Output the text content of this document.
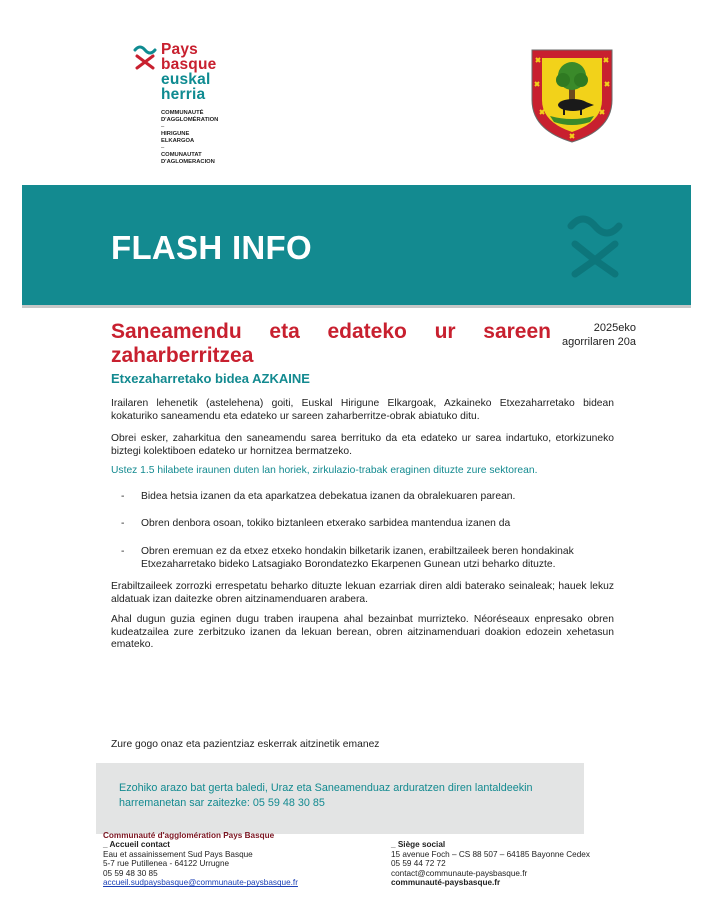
Pays
basque
euskal
herria
COMMUNAUTÉ
D'AGGLOMÉRATION
–
HIRIGUNE
ELKARGOA
–
COMUNAUTAT
D'AGLOMERACION
FLASH INFO
Saneamendu eta edateko ur sareen
zaharberritzea
Etxezaharretako bidea AZKAINE
2025eko
agorrilaren 20a
Irailaren lehenetik (astelehena) goiti, Euskal Hirigune Elkargoak, Azkaineko Etxezaharretako bidean kokaturiko saneamendu eta edateko ur sareen zaharberritze-obrak abiatuko ditu.
Obrei esker, zaharkitua den saneamendu sarea berrituko da eta edateko ur sarea indartuko, etorkizuneko biztegi kolektiboen edateko ur hornitzea bermatzeko.
Ustez 1.5 hilabete iraunen duten lan horiek, zirkulazio-trabak eraginen dituzte zure sektorean.
- Bidea hetsia izanen da eta aparkatzea debekatua izanen da obralekuaren parean.
- Obren denbora osoan, tokiko biztanleen etxerako sarbidea mantendua izanen da
- Obren eremuan ez da etxez etxeko hondakin bilketarik izanen, erabiltzaileek beren hondakinak Etxezaharretako bideko Latsagiako Borondatezko Ekarpenen Gunean utzi beharko dituzte.
Erabiltzaileek zorrozki errespetatu beharko dituzte lekuan ezarriak diren aldi baterako seinaleak; hauek lekuz aldatuak izan daitezke obren aitzinamenduaren arabera.
Ahal dugun guzia eginen dugu traben iraupena ahal bezainbat murrizteko. Néoréseaux enpresako obren kudeatzailea zure zerbitzuko izanen da lekuan berean, obren aitzinamenduari doakion edozein xehetasun emateko.
Zure gogo onaz eta pazientziaz eskerrak aitzinetik emanez
Ezohiko arazo bat gerta baledi, Uraz eta Saneamenduaz arduratzen diren lantaldeekin
harremanetan sar zaitezke: 05 59 48 30 85
Communauté d'agglomération Pays Basque
_ Accueil contact
Eau et assainissement Sud Pays Basque
5-7 rue Putillenea - 64122 Urrugne
05 59 48 30 85
accueil.sudpaysbasque@communaute-paysbasque.fr
_ Siège social
15 avenue Foch – CS 88 507 – 64185 Bayonne Cedex
05 59 44 72 72
contact@communaute-paysbasque.fr
communauté-paysbasque.fr
